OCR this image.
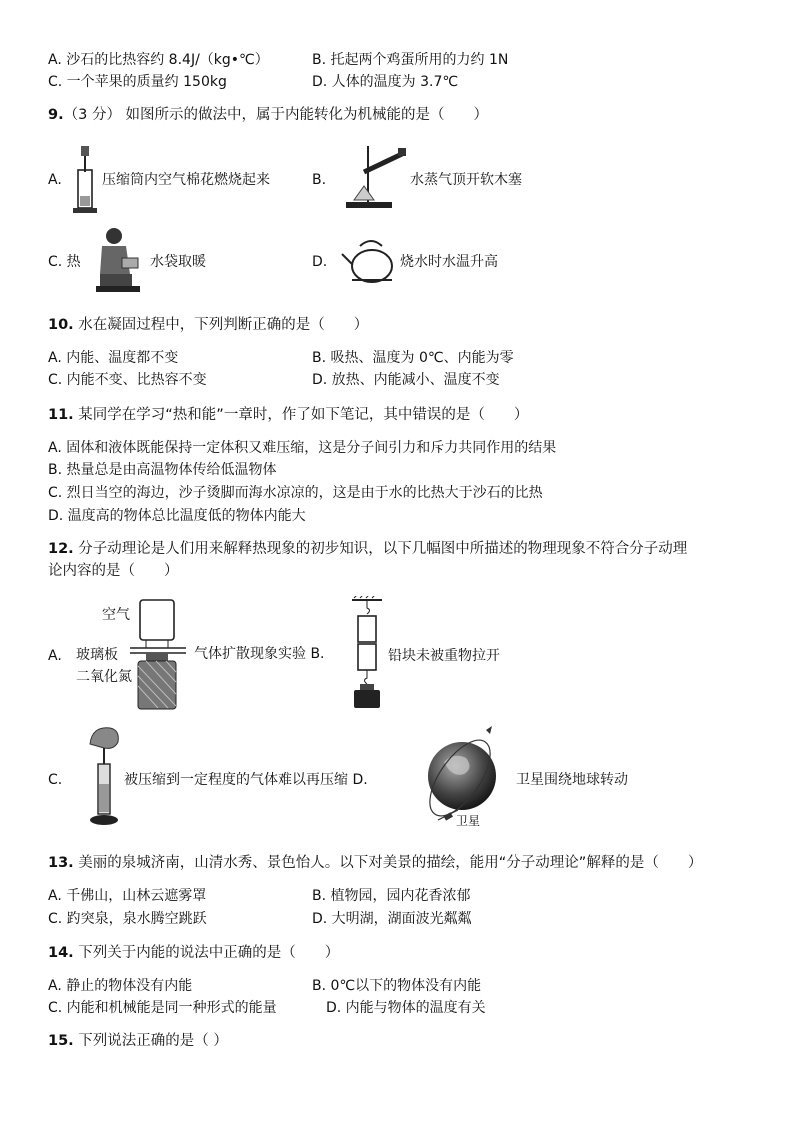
A. 沙石的比热容约 8.4J/（kg•℃）	B. 托起两个鸡蛋所用的力约 1N
C. 一个苹果的质量约 150kg	D. 人体的温度为 3.7℃
9.（3 分） 如图所示的做法中，属于内能转化为机械能的是（　　）
A.	压缩筒内空气棉花燃烧起来	B.	水蒸气顶开软木塞
C. 热	水袋取暖	D.	烧水时水温升高
10. 水在凝固过程中，下列判断正确的是（　　）
A. 内能、温度都不变	B. 吸热、温度为 0℃、内能为零
C. 内能不变、比热容不变	D. 放热、内能减小、温度不变
11. 某同学在学习“热和能”一章时，作了如下笔记，其中错误的是（　　）
A. 固体和液体既能保持一定体积又难压缩，这是分子间引力和斥力共同作用的结果
B. 热量总是由高温物体传给低温物体
C. 烈日当空的海边，沙子烫脚而海水凉凉的，这是由于水的比热大于沙石的比热
D. 温度高的物体总比温度低的物体内能大
12. 分子动理论是人们用来解释热现象的初步知识，以下几幅图中所描述的物理现象不符合分子动理
论内容的是（　　）
空气
玻璃板
二氧化氮
A.	气体扩散现象实验 B.	铅块未被重物拉开
C.	被压缩到一定程度的气体难以再压缩 D.
卫星
卫星围绕地球转动
13. 美丽的泉城济南，山清水秀、景色怡人。以下对美景的描绘，能用“分子动理论”解释的是（　　）
A. 千佛山，山林云遮雾罩	B. 植物园，园内花香浓郁
C. 趵突泉，泉水腾空跳跃	D. 大明湖，湖面波光粼粼
14. 下列关于内能的说法中正确的是（　　）
A. 静止的物体没有内能	B. 0℃以下的物体没有内能
C. 内能和机械能是同一种形式的能量	D. 内能与物体的温度有关
15. 下列说法正确的是（ ）
